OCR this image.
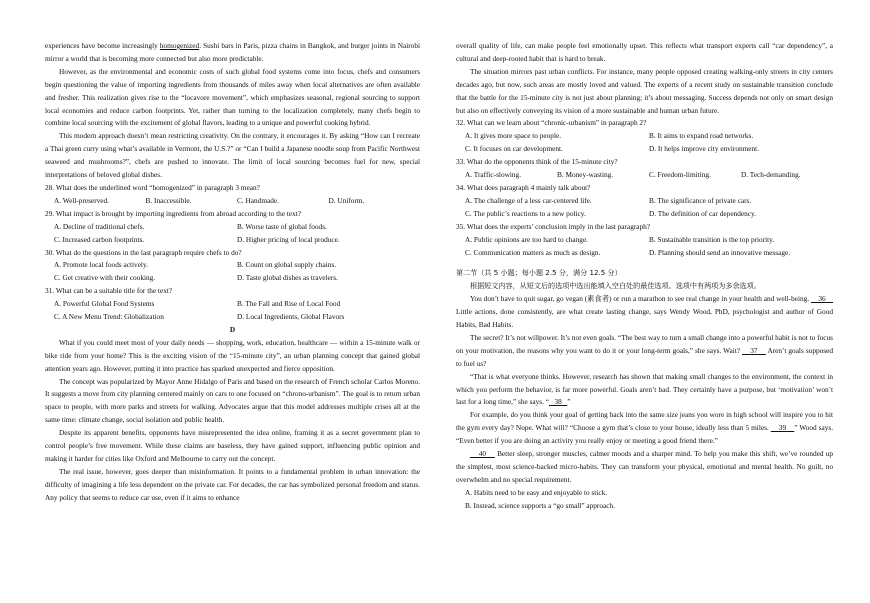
experiences have become increasingly homogenized. Sushi bars in Paris, pizza chains in Bangkok, and burger joints in Nairobi mirror a world that is becoming more connected but also more predictable.

However, as the environmental and economic costs of such global food systems come into focus, chefs and consumers begin questioning the value of importing ingredients from thousands of miles away when local alternatives are often available and fresher. This realization gives rise to the “locavore movement”, which emphasizes seasonal, regional sourcing to support local economies and reduce carbon footprints. Yet, rather than turning to the localization completely, many chefs begin to combine local sourcing with the excitement of global flavors, leading to a unique and powerful cooking hybrid.

This modern approach doesn’t mean restricting creativity. On the contrary, it encourages it. By asking “How can I recreate a Thai green curry using what’s available in Vermont, the U.S.?” or “Can I build a Japanese noodle soup from Pacific Northwest seaweed and mushrooms?”, chefs are pushed to innovate. The limit of local sourcing becomes fuel for new, special interpretations of beloved global dishes.

28. What does the underlined word “homogenized” in paragraph 3 mean?

A. Well-preserved.	B. Inaccessible.	C. Handmade.	D. Uniform.

29. What impact is brought by importing ingredients from abroad according to the text?

A. Decline of traditional chefs.	B. Worse taste of global foods.
C. Increased carbon footprints.	D. Higher pricing of local produce.

30. What do the questions in the last paragraph require chefs to do?

A. Promote local foods actively.	B. Count on global supply chains.
C. Get creative with their cooking.	D. Taste global dishes as travelers.

31. What can be a suitable title for the text?

A. Powerful Global Food Systems	B. The Fall and Rise of Local Food
C. A New Menu Trend: Globalization	D. Local Ingredients, Global Flavors

D

What if you could meet most of your daily needs — shopping, work, education, healthcare — within a 15-minute walk or bike ride from your home? This is the exciting vision of the “15-minute city”, an urban planning concept that gained global attention years ago. However, putting it into practice has sparked unexpected and fierce opposition.

The concept was popularized by Mayor Anne Hidalgo of Paris and based on the research of French scholar Carlos Moreno. It suggests a move from city planning centered mainly on cars to one focused on “chrono-urbanism”. The goal is to return urban space to people, with more parks and streets for walking. Advocates argue that this model addresses multiple crises all at the same time: climate change, social isolation and public health.

Despite its apparent benefits, opponents have misrepresented the idea online, framing it as a secret government plan to control people’s free movement. While these claims are baseless, they have gained support, influencing public opinion and making it harder for cities like Oxford and Melbourne to carry out the concept.

The real issue, however, goes deeper than misinformation. It points to a fundamental problem in urban innovation: the difficulty of imagining a life less dependent on the private car. For decades, the car has symbolized personal freedom and status. Any policy that seems to reduce car use, even if it aims to enhance

overall quality of life, can make people feel emotionally upset. This reflects what transport experts call “car dependency”, a cultural and deep-rooted habit that is hard to break.

The situation mirrors past urban conflicts. For instance, many people opposed creating walking-only streets in city centers decades ago, but now, such areas are mostly loved and valued. The experts of a recent study on sustainable transition conclude that the battle for the 15-minute city is not just about planning; it’s about messaging. Success depends not only on smart design but also on effectively conveying its vision of a more sustainable and human urban future.

32. What can we learn about “chronic-urbanism” in paragraph 2?

A. It gives more space to people.	B. It aims to expand road networks.
C. It focuses on car development.	D. It helps improve city environment.

33. What do the opponents think of the 15-minute city?

A. Traffic-slowing.	B. Money-wasting.	C. Freedom-limiting.	D. Tech-demanding.

34. What does paragraph 4 mainly talk about?

A. The challenge of a less car-centered life.	B. The significance of private cars.
C. The public’s reactions to a new policy.	D. The definition of car dependency.

35. What does the experts’ conclusion imply in the last paragraph?

A. Public opinions are too hard to change.	B. Sustainable transition is the top priority.
C. Communication matters as much as design.	D. Planning should send an innovative message.

第二节（共 5 小题；每小题 2.5 分，满分 12.5 分）

根据短文内容，从短文后的选项中选出能填入空白处的最佳选项。选项中有两项为多余选项。

You don’t have to quit sugar, go vegan (素食者) or run a marathon to see real change in your health and well-being. 36     Little actions, done consistently, are what create lasting change, says Wendy Wood, PhD, psychologist and author of Good Habits, Bad Habits.

The secret? It’s not willpower. It’s not even goals. “The best way to turn a small change into a powerful habit is not to focus on your motivation, the reasons why you want to do it or your long-term goals,” she says. Wait? 37 Aren’t goals supposed to fuel us?

“That is what everyone thinks. However, research has shown that making small changes to the environment, the context in which you perform the behavior, is far more powerful. Goals aren’t bad. They certainly have a purpose, but ‘motivation’ won’t last for a long time,” she says. “ 38 ”

For example, do you think your goal of getting back into the same size jeans you wore in high school will inspire you to hit the gym every day? Nope. What will? “Choose a gym that’s close to your house, ideally less than 5 miles. 39 ” Wood says. “Even better if you are doing an activity you really enjoy or meeting a good friend there.”

40 Better sleep, stronger muscles, calmer moods and a sharper mind. To help you make this shift, we’ve rounded up the simplest, most science-backed micro-habits. They can transform your physical, emotional and mental health. No guilt, no overwhelm and no special requirement.

A. Habits need to be easy and enjoyable to stick.

B. Instead, science supports a “go small” approach.
